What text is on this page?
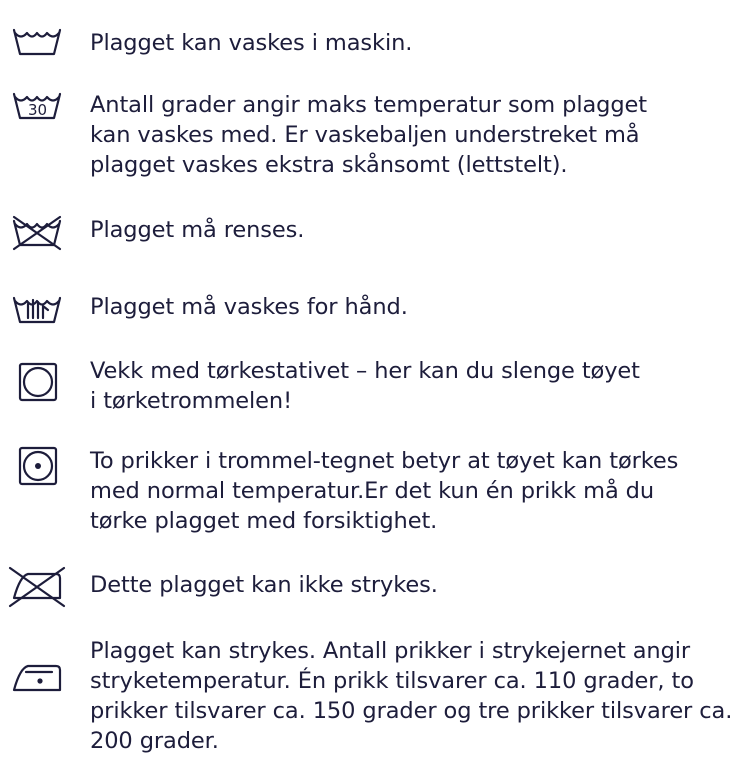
Plagget kan vaskes i maskin.
30 Antall grader angir maks temperatur som plagget
kan vaskes med. Er vaskebaljen understreket må
plagget vaskes ekstra skånsomt (lettstelt).
Plagget må renses.
Plagget må vaskes for hånd.
Vekk med tørkestativet – her kan du slenge tøyet
i tørketrommelen!
To prikker i trommel-tegnet betyr at tøyet kan tørkes
med normal temperatur.Er det kun én prikk må du
tørke plagget med forsiktighet.
Dette plagget kan ikke strykes.
Plagget kan strykes. Antall prikker i strykejernet angir
stryketemperatur. Én prikk tilsvarer ca. 110 grader, to
prikker tilsvarer ca. 150 grader og tre prikker tilsvarer ca.
200 grader.
